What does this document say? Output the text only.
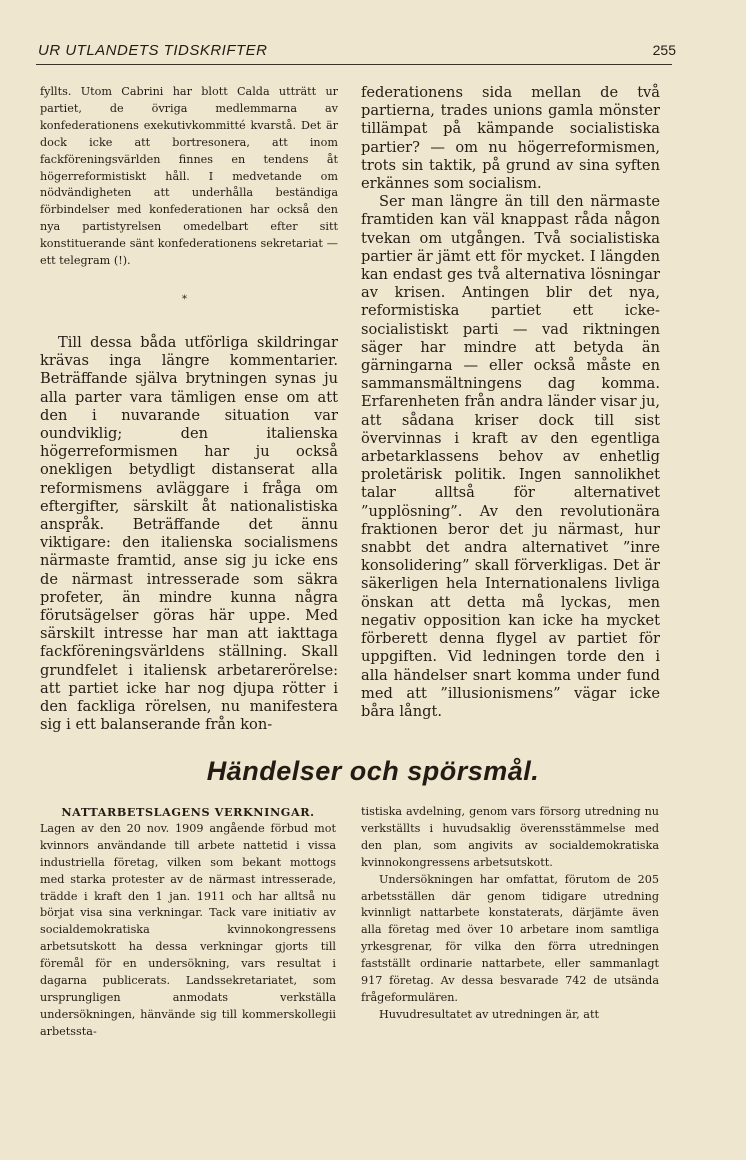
UR UTLANDETS TIDSKRIFTER	255

fyllts. Utom Cabrini har blott Calda utträtt ur partiet, de övriga medlemmarna av konfederationens exekutivkommitté kvarstå. Det är dock icke att bortresonera, att inom fackföreningsvärlden finnes en tendens åt högerreformistiskt håll. I medvetande om nödvändigheten att underhålla beständiga förbindelser med konfederationen har också den nya partistyrelsen omedelbart efter sitt konstituerande sänt konfederationens sekretariat — ett telegram (!).

*

Till dessa båda utförliga skildringar krävas inga längre kommentarier. Beträffande själva brytningen synas ju alla parter vara tämligen ense om att den i nuvarande situation var oundviklig; den italienska högerreformismen har ju också onekligen betydligt distanserat alla reformismens avläggare i fråga om eftergifter, särskilt åt nationalistiska anspråk. Beträffande det ännu viktigare: den italienska socialismens närmaste framtid, anse sig ju icke ens de närmast intresserade som säkra profeter, än mindre kunna några förutsägelser göras här uppe. Med särskilt intresse har man att iakttaga fackföreningsvärldens ställning. Skall grundfelet i italiensk arbetarerörelse: att partiet icke har nog djupa rötter i den fackliga rörelsen, nu manifestera sig i ett balanserande från kon-

federationens sida mellan de två partierna, trades unions gamla mönster tillämpat på kämpande socialistiska partier? — om nu högerreformismen, trots sin taktik, på grund av sina syften erkännes som socialism.

Ser man längre än till den närmaste framtiden kan väl knappast råda någon tvekan om utgången. Två socialistiska partier är jämt ett för mycket. I längden kan endast ges två alternativa lösningar av krisen. Antingen blir det nya, reformistiska partiet ett icke-socialistiskt parti — vad riktningen säger har mindre att betyda än gärningarna — eller också måste en sammansmältningens dag komma. Erfarenheten från andra länder visar ju, att sådana kriser dock till sist övervinnas i kraft av den egentliga arbetarklassens behov av enhetlig proletärisk politik. Ingen sannolikhet talar alltså för alternativet ”upplösning”. Av den revolutionära fraktionen beror det ju närmast, hur snabbt det andra alternativet ”inre konsolidering” skall förverkligas. Det är säkerligen hela Internationalens livliga önskan att detta må lyckas, men negativ opposition kan icke ha mycket förberett denna flygel av partiet för uppgiften. Vid ledningen torde den i alla händelser snart komma under fund med att ”illusionismens” vägar icke båra långt.

Händelser och spörsmål.
NATTARBETSLAGENS VERKNINGAR.

Lagen av den 20 nov. 1909 angående förbud mot kvinnors användande till arbete nattetid i vissa industriella företag, vilken som bekant mottogs med starka protester av de närmast intresserade, trädde i kraft den 1 jan. 1911 och har alltså nu börjat visa sina verkningar. Tack vare initiativ av socialdemokratiska kvinnokongressens arbetsutskott ha dessa verkningar gjorts till föremål för en undersökning, vars resultat i dagarna publicerats. Landssekretariatet, som ursprungligen anmodats verkställa undersökningen, hänvände sig till kommerskollegii arbetssta-

tistiska avdelning, genom vars försorg utredning nu verkställts i huvudsaklig överensstämmelse med den plan, som angivits av socialdemokratiska kvinnokongressens arbetsutskott.

Undersökningen har omfattat, förutom de 205 arbetsställen där genom tidigare utredning kvinnligt nattarbete konstaterats, därjämte även alla företag med över 10 arbetare inom samtliga yrkesgrenar, för vilka den förra utredningen fastställt ordinarie nattarbete, eller sammanlagt 917 företag. Av dessa besvarade 742 de utsända frågeformulären.

Huvudresultatet av utredningen är, att
